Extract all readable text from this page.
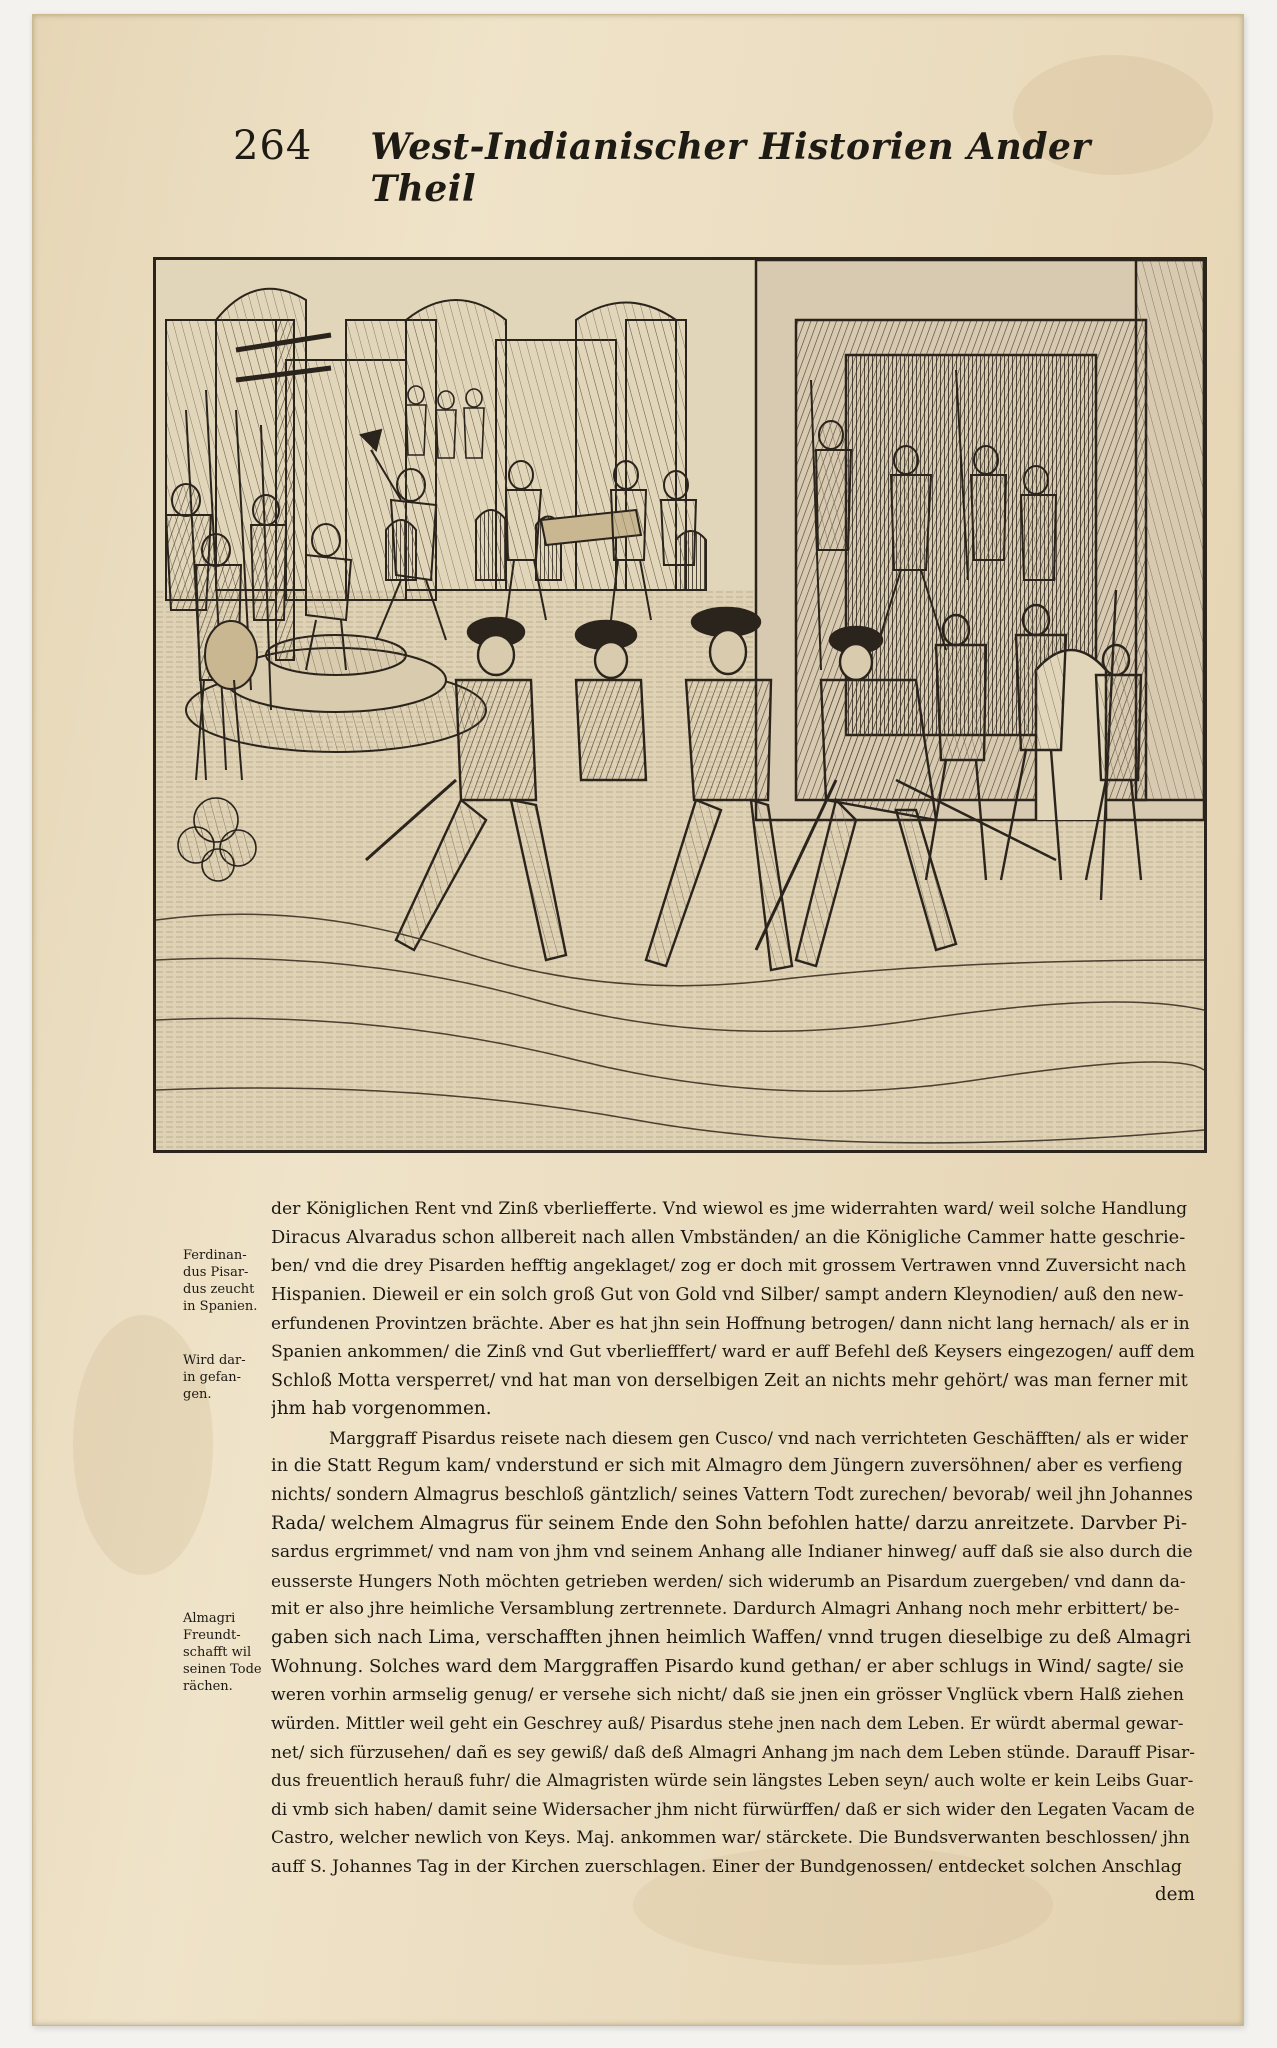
264 West-Indianischer Historien Ander Theil
Ferdinan-
dus Pisar-
dus zeucht
in Spanien.
Wird dar-
in gefan-
gen.
Almagri
Freundt-
schafft wil
seinen Tode
rächen.

der Königlichen Rent vnd Zinß vberliefferte. Vnd wiewol es jme widerrahten ward/ weil solche Handlung
Diracus Alvaradus schon allbereit nach allen Vmbständen/ an die Königliche Cammer hatte geschrie-
ben/ vnd die drey Pisarden hefftig angeklaget/ zog er doch mit grossem Vertrawen vnnd Zuversicht nach
Hispanien. Dieweil er ein solch groß Gut von Gold vnd Silber/ sampt andern Kleynodien/ auß den new-
erfundenen Provintzen brächte. Aber es hat jhn sein Hoffnung betrogen/ dann nicht lang hernach/ als er in
Spanien ankommen/ die Zinß vnd Gut vberliefffert/ ward er auff Befehl deß Keysers eingezogen/ auff dem
Schloß Motta versperret/ vnd hat man von derselbigen Zeit an nichts mehr gehört/ was man ferner mit
jhm hab vorgenommen.

Marggraff Pisardus reisete nach diesem gen Cusco/ vnd nach verrichteten Geschäfften/ als er wider
in die Statt Regum kam/ vnderstund er sich mit Almagro dem Jüngern zuversöhnen/ aber es verfieng
nichts/ sondern Almagrus beschloß gäntzlich/ seines Vattern Todt zurechen/ bevorab/ weil jhn Johannes
Rada/ welchem Almagrus für seinem Ende den Sohn befohlen hatte/ darzu anreitzete. Darvber Pi-
sardus ergrimmet/ vnd nam von jhm vnd seinem Anhang alle Indianer hinweg/ auff daß sie also durch die
eusserste Hungers Noth möchten getrieben werden/ sich widerumb an Pisardum zuergeben/ vnd dann da-
mit er also jhre heimliche Versamblung zertrennete. Dardurch Almagri Anhang noch mehr erbittert/ be-
gaben sich nach Lima, verschafften jhnen heimlich Waffen/ vnnd trugen dieselbige zu deß Almagri
Wohnung. Solches ward dem Marggraffen Pisardo kund gethan/ er aber schlugs in Wind/ sagte/ sie
weren vorhin armselig genug/ er versehe sich nicht/ daß sie jnen ein grösser Vnglück vbern Halß ziehen
würden. Mittler weil geht ein Geschrey auß/ Pisardus stehe jnen nach dem Leben. Er würdt abermal gewar-
net/ sich fürzusehen/ dañ es sey gewiß/ daß deß Almagri Anhang jm nach dem Leben stünde. Darauff Pisar-
dus freuentlich herauß fuhr/ die Almagristen würde sein längstes Leben seyn/ auch wolte er kein Leibs Guar-
di vmb sich haben/ damit seine Widersacher jhm nicht fürwürffen/ daß er sich wider den Legaten Vacam de
Castro, welcher newlich von Keys. Maj. ankommen war/ stärckete. Die Bundsverwanten beschlossen/ jhn
auff S. Johannes Tag in der Kirchen zuerschlagen. Einer der Bundgenossen/ entdecket solchen Anschlag

dem
